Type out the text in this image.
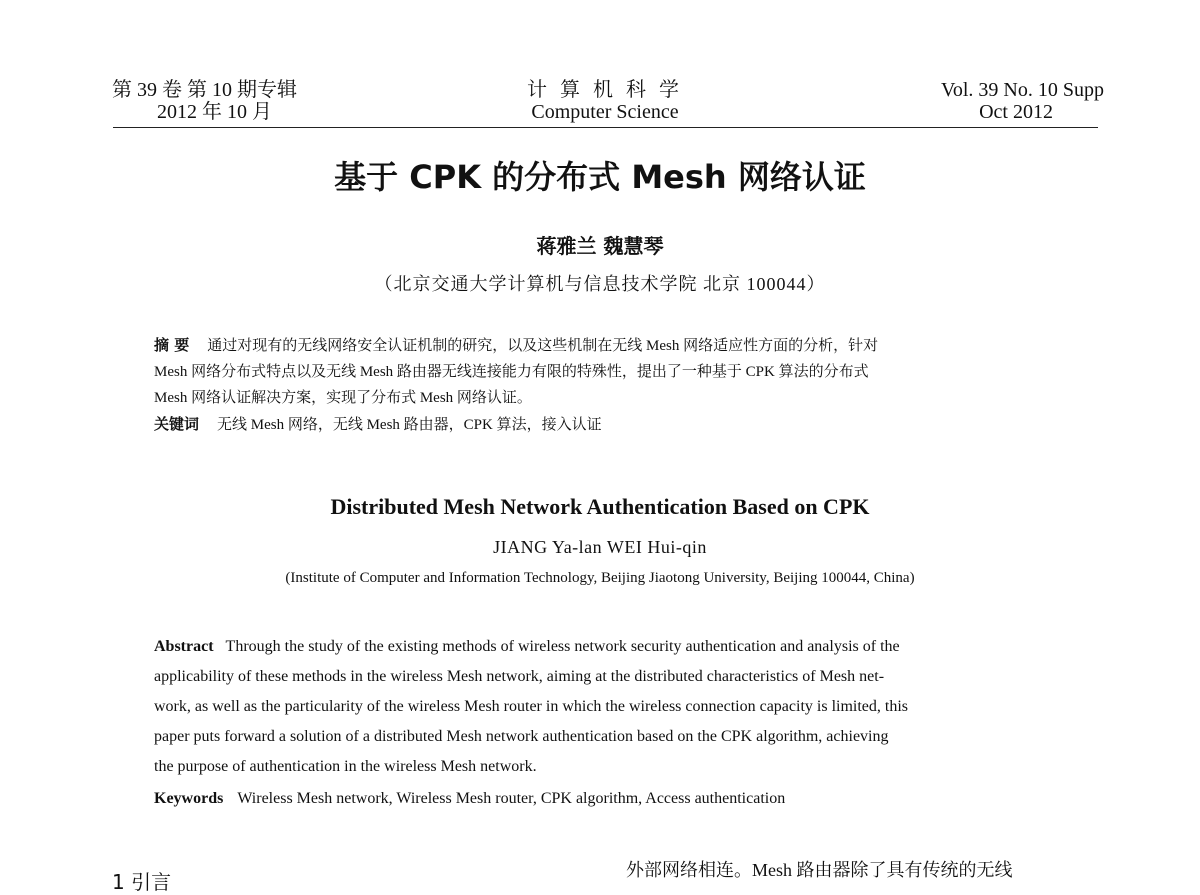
第 39 卷 第 10 期专辑
2012 年 10 月
计 算 机 科 学
Computer Science
Vol. 39 No. 10 Supp
Oct 2012
基于 CPK 的分布式 Mesh 网络认证
蒋雅兰 魏慧琴
（北京交通大学计算机与信息技术学院 北京 100044）
摘 要 通过对现有的无线网络安全认证机制的研究，以及这些机制在无线 Mesh 网络适应性方面的分析，针对
Mesh 网络分布式特点以及无线 Mesh 路由器无线连接能力有限的特殊性，提出了一种基于 CPK 算法的分布式
Mesh 网络认证解决方案，实现了分布式 Mesh 网络认证。
关键词 无线 Mesh 网络，无线 Mesh 路由器，CPK 算法，接入认证
Distributed Mesh Network Authentication Based on CPK
JIANG Ya-lan WEI Hui-qin
(Institute of Computer and Information Technology, Beijing Jiaotong University, Beijing 100044, China)
Abstract Through the study of the existing methods of wireless network security authentication and analysis of the
applicability of these methods in the wireless Mesh network, aiming at the distributed characteristics of Mesh net-
work, as well as the particularity of the wireless Mesh router in which the wireless connection capacity is limited, this
paper puts forward a solution of a distributed Mesh network authentication based on the CPK algorithm, achieving
the purpose of authentication in the wireless Mesh network.
Keywords Wireless Mesh network, Wireless Mesh router, CPK algorithm, Access authentication
1 引言	外部网络相连。Mesh 路由器除了具有传统的无线
